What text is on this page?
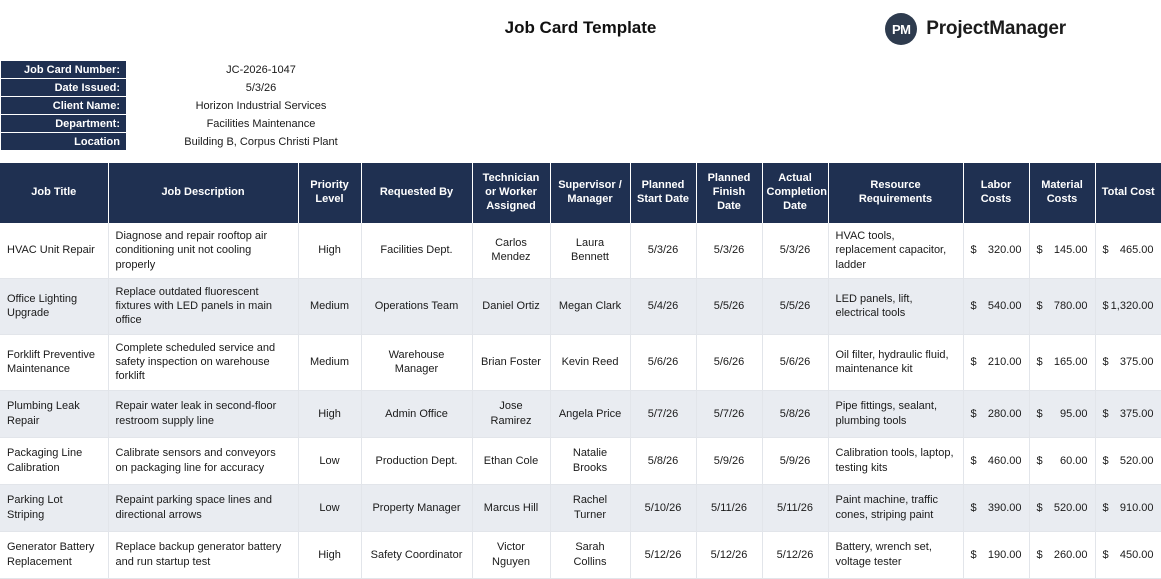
Job Card Template	PM ProjectManager
Job Card Number:	JC-2026-1047
Date Issued:	5/3/26
Client Name:	Horizon Industrial Services
Department:	Facilities Maintenance
Location	Building B, Corpus Christi Plant
Job Title	Job Description	Priority Level	Requested By	Technician or Worker Assigned	Supervisor / Manager	Planned Start Date	Planned Finish Date	Actual Completion Date	Resource Requirements	Labor Costs	Material Costs	Total Cost
HVAC Unit Repair	Diagnose and repair rooftop air conditioning unit not cooling properly	High	Facilities Dept.	Carlos Mendez	Laura Bennett	5/3/26	5/3/26	5/3/26	HVAC tools, replacement capacitor, ladder	$ 320.00	$ 145.00	$ 465.00
Office Lighting Upgrade	Replace outdated fluorescent fixtures with LED panels in main office	Medium	Operations Team	Daniel Ortiz	Megan Clark	5/4/26	5/5/26	5/5/26	LED panels, lift, electrical tools	$ 540.00	$ 780.00	$ 1,320.00
Forklift Preventive Maintenance	Complete scheduled service and safety inspection on warehouse forklift	Medium	Warehouse Manager	Brian Foster	Kevin Reed	5/6/26	5/6/26	5/6/26	Oil filter, hydraulic fluid, maintenance kit	$ 210.00	$ 165.00	$ 375.00
Plumbing Leak Repair	Repair water leak in second-floor restroom supply line	High	Admin Office	Jose Ramirez	Angela Price	5/7/26	5/7/26	5/8/26	Pipe fittings, sealant, plumbing tools	$ 280.00	$ 95.00	$ 375.00
Packaging Line Calibration	Calibrate sensors and conveyors on packaging line for accuracy	Low	Production Dept.	Ethan Cole	Natalie Brooks	5/8/26	5/9/26	5/9/26	Calibration tools, laptop, testing kits	$ 460.00	$ 60.00	$ 520.00
Parking Lot Striping	Repaint parking space lines and directional arrows	Low	Property Manager	Marcus Hill	Rachel Turner	5/10/26	5/11/26	5/11/26	Paint machine, traffic cones, striping paint	$ 390.00	$ 520.00	$ 910.00
Generator Battery Replacement	Replace backup generator battery and run startup test	High	Safety Coordinator	Victor Nguyen	Sarah Collins	5/12/26	5/12/26	5/12/26	Battery, wrench set, voltage tester	$ 190.00	$ 260.00	$ 450.00
